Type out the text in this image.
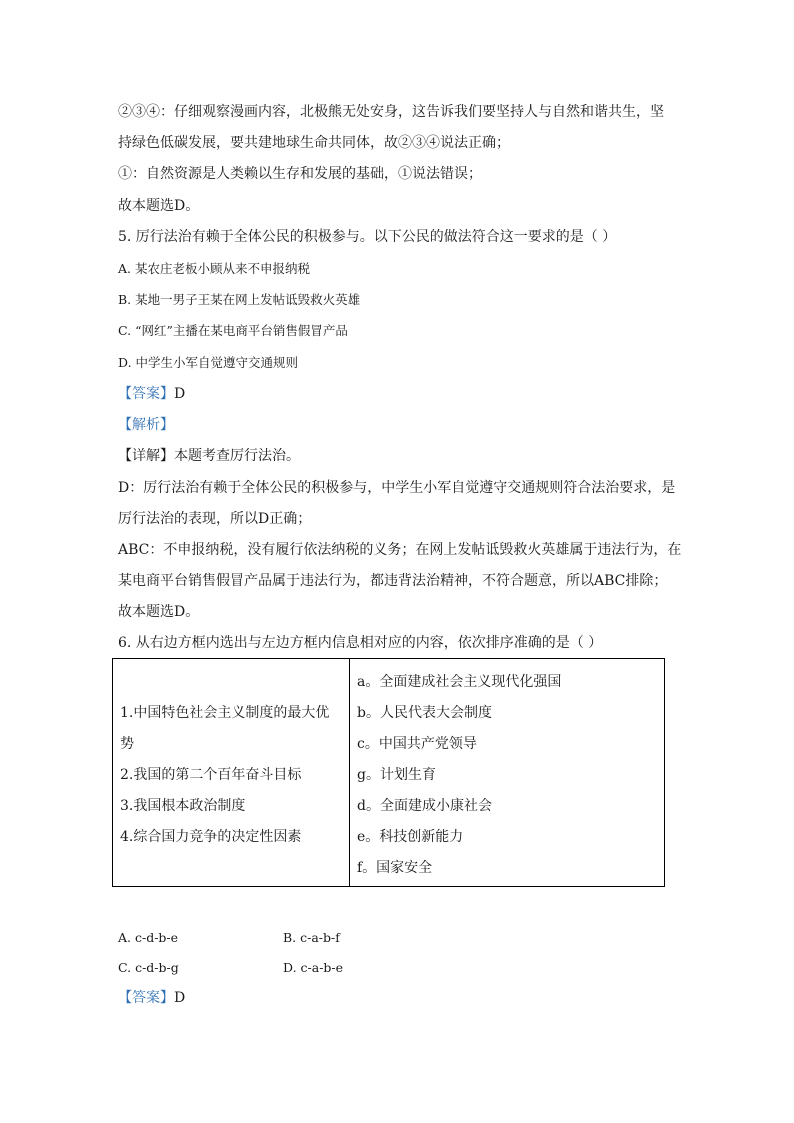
②③④：仔细观察漫画内容，北极熊无处安身，这告诉我们要坚持人与自然和谐共生，坚
持绿色低碳发展，要共建地球生命共同体，故②③④说法正确；
①：自然资源是人类赖以生存和发展的基础，①说法错误；
故本题选D。
5. 厉行法治有赖于全体公民的积极参与。以下公民的做法符合这一要求的是（ ）
A. 某农庄老板小顾从来不申报纳税
B. 某地一男子王某在网上发帖诋毁救火英雄
C. “网红”主播在某电商平台销售假冒产品
D. 中学生小军自觉遵守交通规则
【答案】D
【解析】
【详解】本题考查厉行法治。
D：厉行法治有赖于全体公民的积极参与，中学生小军自觉遵守交通规则符合法治要求，是
厉行法治的表现，所以D正确；
ABC：不申报纳税，没有履行依法纳税的义务；在网上发帖诋毁救火英雄属于违法行为，在
某电商平台销售假冒产品属于违法行为，都违背法治精神，不符合题意，所以ABC排除；
故本题选D。
6. 从右边方框内选出与左边方框内信息相对应的内容，依次排序准确的是（ ）
1.中国特色社会主义制度的最大优
势
2.我国的第二个百年奋斗目标
3.我国根本政治制度
4.综合国力竞争的决定性因素

a。全面建成社会主义现代化强国
b。人民代表大会制度
c。中国共产党领导
g。计划生育
d。全面建成小康社会
e。科技创新能力
f。国家安全
A. c-d-b-e	B. c-a-b-f
C. c-d-b-g	D. c-a-b-e
【答案】D
